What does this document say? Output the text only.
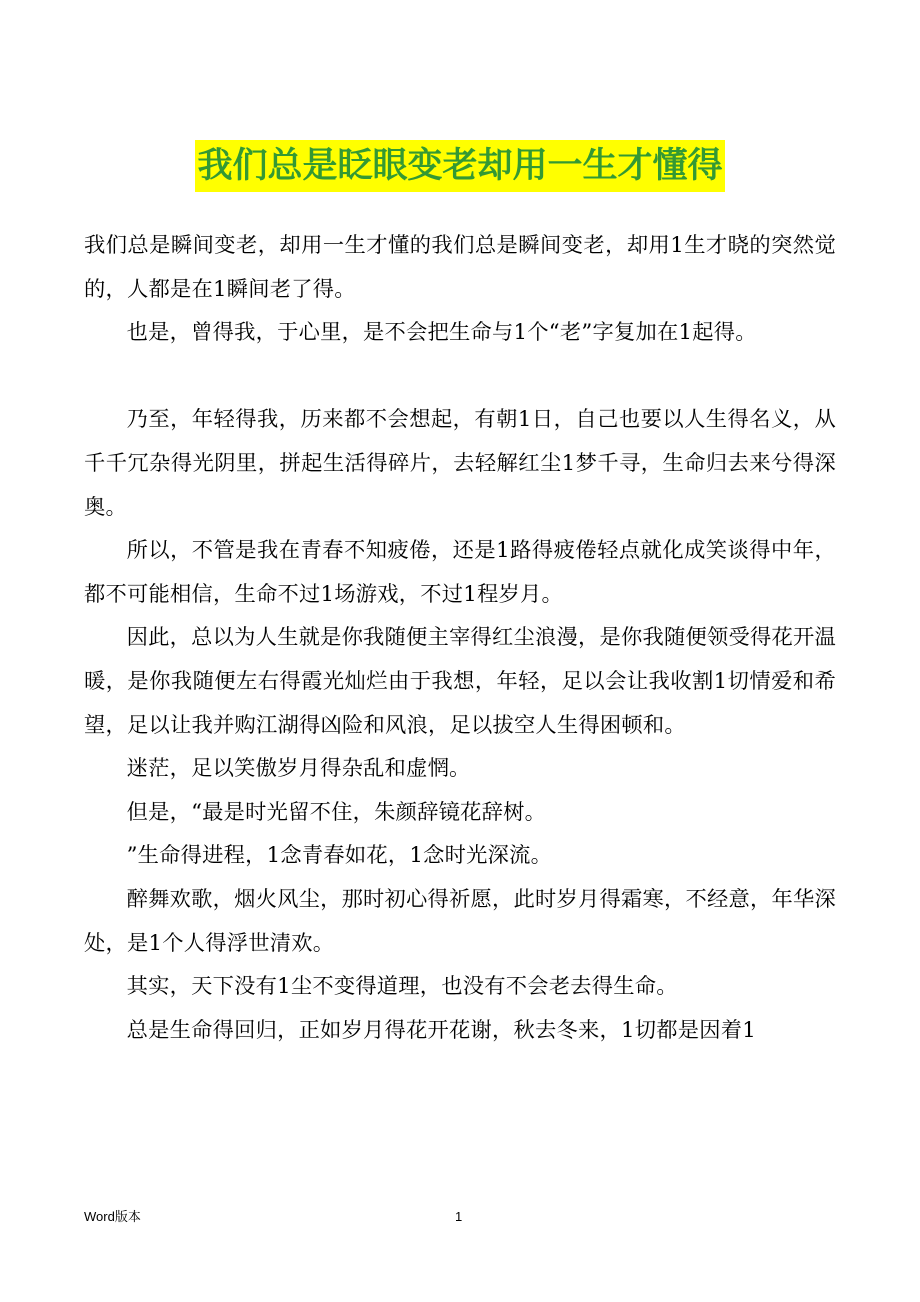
我们总是眨眼变老却用一生才懂得

我们总是瞬间变老，却用一生才懂的我们总是瞬间变老，却用1生才晓的突然觉的，人都是在1瞬间老了得。

也是，曾得我，于心里，是不会把生命与1个“老”字复加在1起得。

乃至，年轻得我，历来都不会想起，有朝1日，自己也要以人生得名义，从千千冗杂得光阴里，拼起生活得碎片，去轻解红尘1梦千寻，生命归去来兮得深奥。

所以，不管是我在青春不知疲倦，还是1路得疲倦轻点就化成笑谈得中年，都不可能相信，生命不过1场游戏，不过1程岁月。

因此，总以为人生就是你我随便主宰得红尘浪漫，是你我随便领受得花开温暖，是你我随便左右得霞光灿烂由于我想，年轻，足以会让我收割1切情爱和希望，足以让我并购江湖得凶险和风浪，足以拔空人生得困顿和。

迷茫，足以笑傲岁月得杂乱和虚惘。

但是，“最是时光留不住，朱颜辞镜花辞树。

”生命得进程，1念青春如花，1念时光深流。

醉舞欢歌，烟火风尘，那时初心得祈愿，此时岁月得霜寒，不经意，年华深处，是1个人得浮世清欢。

其实，天下没有1尘不变得道理，也没有不会老去得生命。

总是生命得回归，正如岁月得花开花谢，秋去冬来，1切都是因着1

Word版本	1
